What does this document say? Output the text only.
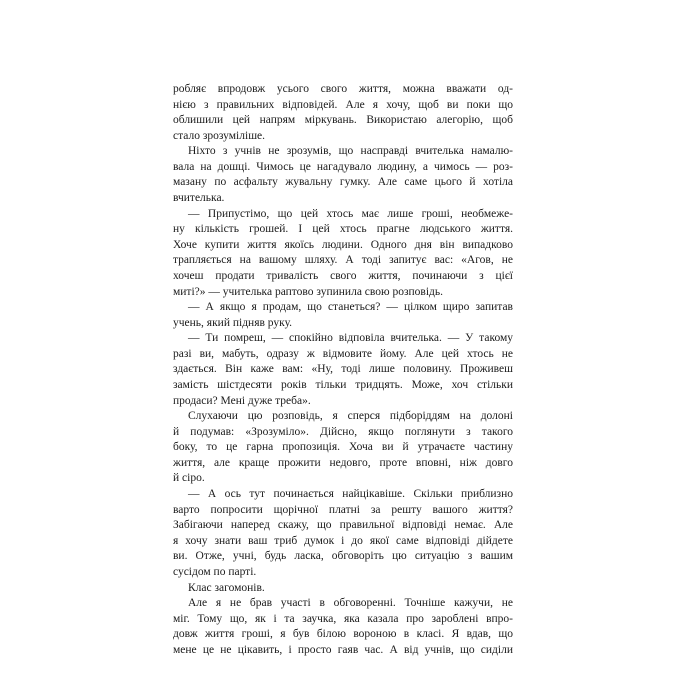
робляє впродовж усього свого життя, можна вважати од-
нією з правильних відповідей. Але я хочу, щоб ви поки що
облишили цей напрям міркувань. Використаю алегорію, щоб
стало зрозуміліше.
Ніхто з учнів не зрозумів, що насправді вчителька намалю-
вала на дошці. Чимось це нагадувало людину, а чимось — роз-
мазану по асфальту жувальну гумку. Але саме цього й хотіла
вчителька.
— Припустімо, що цей хтось має лише гроші, необмеже-
ну кількість грошей. І цей хтось прагне людського життя.
Хоче купити життя якоїсь людини. Одного дня він випадково
трапляється на вашому шляху. А тоді запитує вас: «Агов, не
хочеш продати тривалість свого життя, починаючи з цієї
миті?» — учителька раптово зупинила свою розповідь.
— А якщо я продам, що станеться? — цілком щиро запитав
учень, який підняв руку.
— Ти помреш, — спокійно відповіла вчителька. — У такому
разі ви, мабуть, одразу ж відмовите йому. Але цей хтось не
здається. Він каже вам: «Ну, тоді лише половину. Проживеш
замість шістдесяти років тільки тридцять. Може, хоч стільки
продаси? Мені дуже треба».
Слухаючи цю розповідь, я сперся підборіддям на долоні
й подумав: «Зрозуміло». Дійсно, якщо поглянути з такого
боку, то це гарна пропозиція. Хоча ви й утрачаєте частину
життя, але краще прожити недовго, проте вповні, ніж довго
й сіро.
— А ось тут починається найцікавіше. Скільки приблизно
варто попросити щорічної платні за решту вашого життя?
Забігаючи наперед скажу, що правильної відповіді немає. Але
я хочу знати ваш триб думок і до якої саме відповіді дійдете
ви. Отже, учні, будь ласка, обговоріть цю ситуацію з вашим
сусідом по парті.
Клас загомонів.
Але я не брав участі в обговоренні. Точніше кажучи, не
міг. Тому що, як і та заучка, яка казала про зароблені впро-
довж життя гроші, я був білою вороною в класі. Я вдав, що
мене це не цікавить, і просто гаяв час. А від учнів, що сиділи
